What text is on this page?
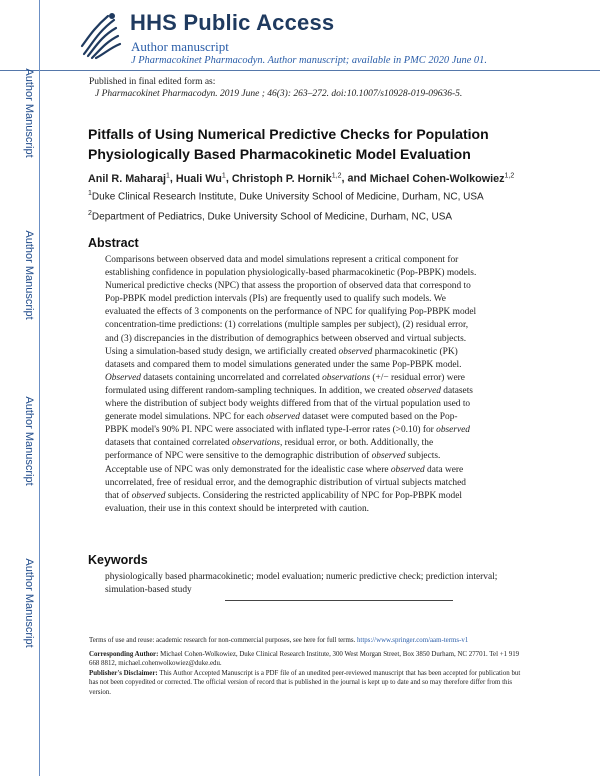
HHS Public Access
Author manuscript
J Pharmacokinet Pharmacodyn. Author manuscript; available in PMC 2020 June 01.
Author Manuscript
Author Manuscript
Author Manuscript
Author Manuscript
Published in final edited form as:
J Pharmacokinet Pharmacodyn. 2019 June ; 46(3): 263–272. doi:10.1007/s10928-019-09636-5.
Pitfalls of Using Numerical Predictive Checks for Population Physiologically Based Pharmacokinetic Model Evaluation
Anil R. Maharaj$^1$, Huali Wu$^1$, Christoph P. Hornik$^{1,2}$, and Michael Cohen-Wolkowiez$^{1,2}$
$^1$Duke Clinical Research Institute, Duke University School of Medicine, Durham, NC, USA
$^2$Department of Pediatrics, Duke University School of Medicine, Durham, NC, USA
Abstract
Comparisons between observed data and model simulations represent a critical component for
establishing confidence in population physiologically-based pharmacokinetic (Pop-PBPK) models.
Numerical predictive checks (NPC) that assess the proportion of observed data that correspond to
Pop-PBPK model prediction intervals (PIs) are frequently used to qualify such models. We
evaluated the effects of 3 components on the performance of NPC for qualifying Pop-PBPK model
concentration-time predictions: (1) correlations (multiple samples per subject), (2) residual error,
and (3) discrepancies in the distribution of demographics between observed and virtual subjects.
Using a simulation-based study design, we artificially created observed pharmacokinetic (PK)
datasets and compared them to model simulations generated under the same Pop-PBPK model.
Observed datasets containing uncorrelated and correlated observations (+/− residual error) were
formulated using different random-sampling techniques. In addition, we created observed datasets
where the distribution of subject body weights differed from that of the virtual population used to
generate model simulations. NPC for each observed dataset were computed based on the Pop-
PBPK model's 90% PI. NPC were associated with inflated type-I-error rates (>0.10) for observed
datasets that contained correlated observations, residual error, or both. Additionally, the
performance of NPC were sensitive to the demographic distribution of observed subjects.
Acceptable use of NPC was only demonstrated for the idealistic case where observed data were
uncorrelated, free of residual error, and the demographic distribution of virtual subjects matched
that of observed subjects. Considering the restricted applicability of NPC for Pop-PBPK model
evaluation, their use in this context should be interpreted with caution.
Keywords
physiologically based pharmacokinetic; model evaluation; numeric predictive check; prediction interval; simulation-based study
Terms of use and reuse: academic research for non-commercial purposes, see here for full terms. https://www.springer.com/aam-terms-v1
Corresponding Author: Michael Cohen-Wolkowiez, Duke Clinical Research Institute, 300 West Morgan Street, Box 3850 Durham, NC 27701. Tel +1 919 668 8812, michael.cohenwolkowiez@duke.edu.
Publisher's Disclaimer: This Author Accepted Manuscript is a PDF file of an unedited peer-reviewed manuscript that has been accepted for publication but has not been copyedited or corrected. The official version of record that is published in the journal is kept up to date and so may therefore differ from this version.
